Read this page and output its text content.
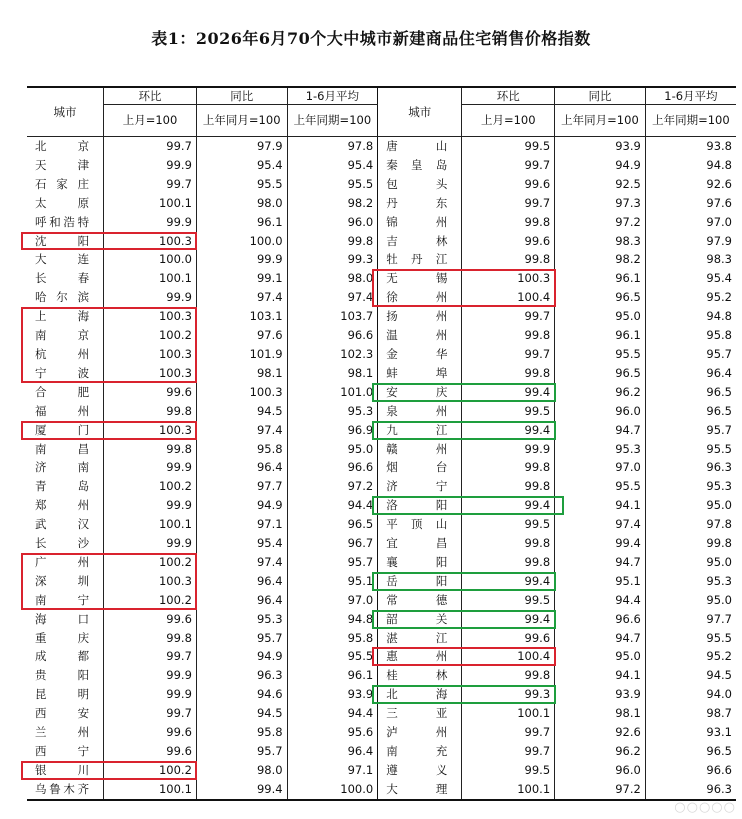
表1：2026年6月70个大中城市新建商品住宅销售价格指数
城市	环比	同比	1-6月平均	城市	环比	同比	1-6月平均
	上月=100	上年同月=100	上年同期=100		上月=100	上年同月=100	上年同期=100
北京	99.7	97.9	97.8	唐山	99.5	93.9	93.8
天津	99.9	95.4	95.4	秦皇岛	99.7	94.9	94.8
石家庄	99.7	95.5	95.5	包头	99.6	92.5	92.6
太原	100.1	98.0	98.2	丹东	99.7	97.3	97.6
呼和浩特	99.9	96.1	96.0	锦州	99.8	97.2	97.0
沈阳	100.3	100.0	99.8	吉林	99.6	98.3	97.9
大连	100.0	99.9	99.3	牡丹江	99.8	98.2	98.3
长春	100.1	99.1	98.0	无锡	100.3	96.1	95.4
哈尔滨	99.9	97.4	97.4	徐州	100.4	96.5	95.2
上海	100.3	103.1	103.7	扬州	99.7	95.0	94.8
南京	100.2	97.6	96.6	温州	99.8	96.1	95.8
杭州	100.3	101.9	102.3	金华	99.7	95.5	95.7
宁波	100.3	98.1	98.1	蚌埠	99.8	96.5	96.4
合肥	99.6	100.3	101.0	安庆	99.4	96.2	96.5
福州	99.8	94.5	95.3	泉州	99.5	96.0	96.5
厦门	100.3	97.4	96.9	九江	99.4	94.7	95.7
南昌	99.8	95.8	95.0	赣州	99.9	95.3	95.5
济南	99.9	96.4	96.6	烟台	99.8	97.0	96.3
青岛	100.2	97.7	97.2	济宁	99.8	95.5	95.3
郑州	99.9	94.9	94.4	洛阳	99.4	94.1	95.0
武汉	100.1	97.1	96.5	平顶山	99.5	97.4	97.8
长沙	99.9	95.4	96.7	宜昌	99.8	99.4	99.8
广州	100.2	97.4	95.7	襄阳	99.8	94.7	95.0
深圳	100.3	96.4	95.1	岳阳	99.4	95.1	95.3
南宁	100.2	96.4	97.0	常德	99.5	94.4	95.0
海口	99.6	95.3	94.8	韶关	99.4	96.6	97.7
重庆	99.8	95.7	95.8	湛江	99.6	94.7	95.5
成都	99.7	94.9	95.5	惠州	100.4	95.0	95.2
贵阳	99.9	96.3	96.1	桂林	99.8	94.1	94.5
昆明	99.9	94.6	93.9	北海	99.3	93.9	94.0
西安	99.7	94.5	94.4	三亚	100.1	98.1	98.7
兰州	99.6	95.8	95.6	泸州	99.7	92.6	93.1
西宁	99.6	95.7	96.4	南充	99.7	96.2	96.5
银川	100.2	98.0	97.1	遵义	99.5	96.0	96.6
乌鲁木齐	100.1	99.4	100.0	大理	100.1	97.2	96.3
○○○○○
